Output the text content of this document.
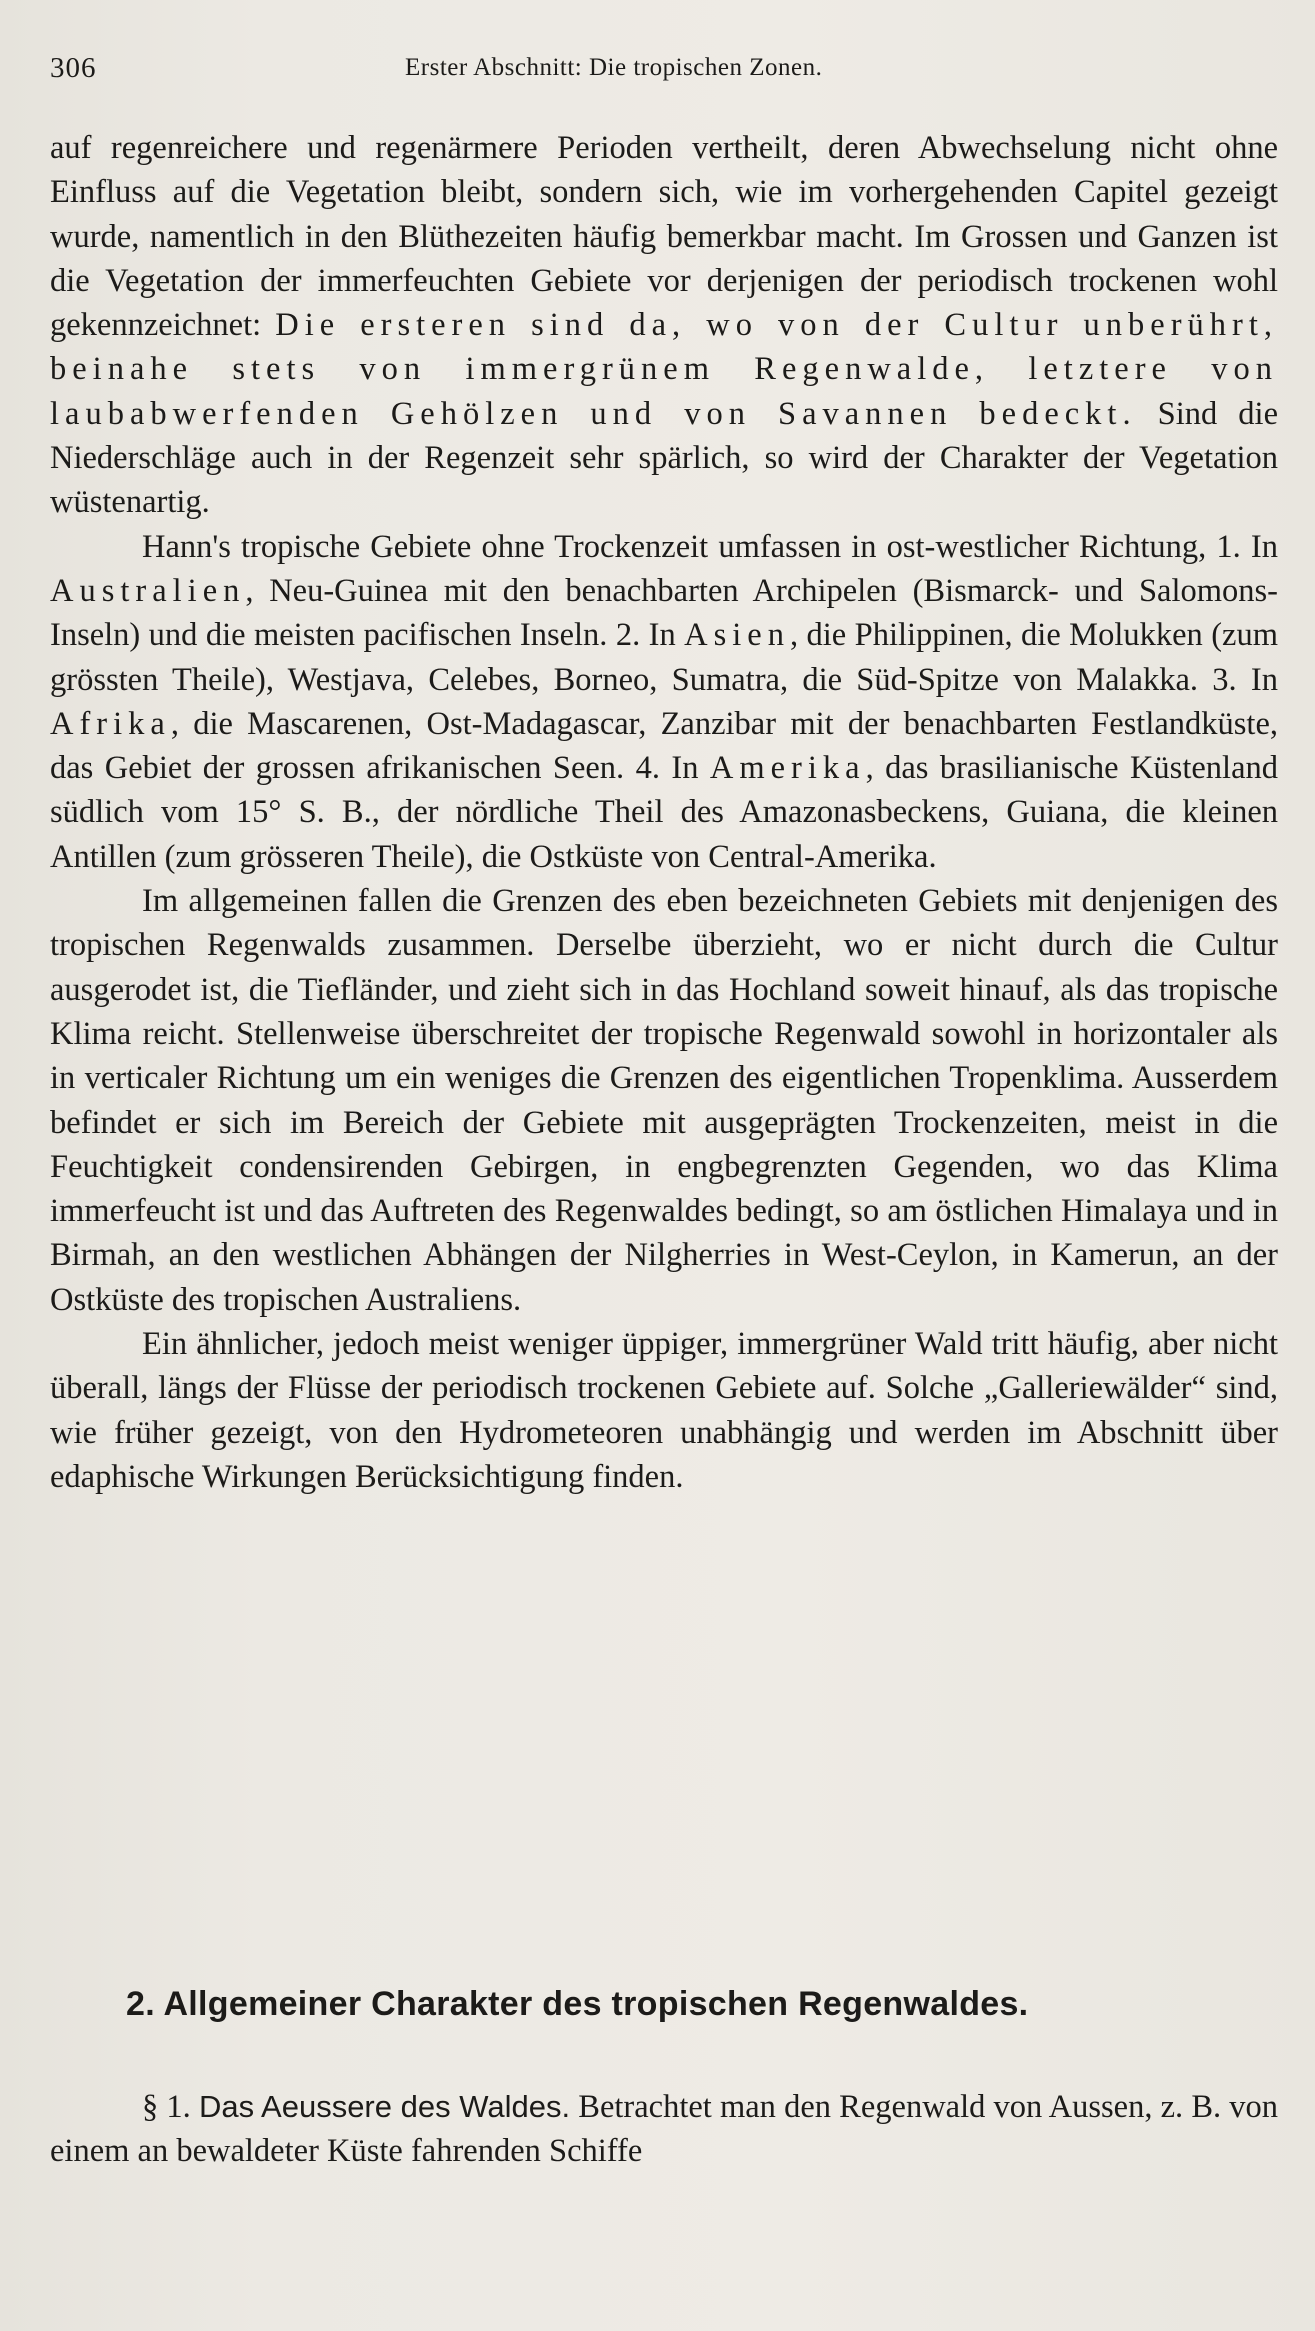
306	Erster Abschnitt: Die tropischen Zonen.

auf regenreichere und regenärmere Perioden vertheilt, deren Abwechselung nicht ohne Einfluss auf die Vegetation bleibt, sondern sich, wie im vorhergehenden Capitel gezeigt wurde, namentlich in den Blüthezeiten häufig bemerkbar macht. Im Grossen und Ganzen ist die Vegetation der immerfeuchten Gebiete vor derjenigen der periodisch trockenen wohl gekennzeichnet: Die ersteren sind da, wo von der Cultur unberührt, beinahe stets von immergrünem Regenwalde, letztere von laubabwerfenden Gehölzen und von Savannen bedeckt. Sind die Niederschläge auch in der Regenzeit sehr spärlich, so wird der Charakter der Vegetation wüstenartig.

Hann's tropische Gebiete ohne Trockenzeit umfassen in ost-westlicher Richtung, 1. In Australien, Neu-Guinea mit den benachbarten Archipelen (Bismarck- und Salomons-Inseln) und die meisten pacifischen Inseln. 2. In Asien, die Philippinen, die Molukken (zum grössten Theile), Westjava, Celebes, Borneo, Sumatra, die Süd-Spitze von Malakka. 3. In Afrika, die Mascarenen, Ost-Madagascar, Zanzibar mit der benachbarten Festlandküste, das Gebiet der grossen afrikanischen Seen. 4. In Amerika, das brasilianische Küstenland südlich vom 15° S. B., der nördliche Theil des Amazonasbeckens, Guiana, die kleinen Antillen (zum grösseren Theile), die Ostküste von Central-Amerika.

Im allgemeinen fallen die Grenzen des eben bezeichneten Gebiets mit denjenigen des tropischen Regenwalds zusammen. Derselbe überzieht, wo er nicht durch die Cultur ausgerodet ist, die Tiefländer, und zieht sich in das Hochland soweit hinauf, als das tropische Klima reicht. Stellenweise überschreitet der tropische Regenwald sowohl in horizontaler als in verticaler Richtung um ein weniges die Grenzen des eigentlichen Tropenklima. Ausserdem befindet er sich im Bereich der Gebiete mit ausgeprägten Trockenzeiten, meist in die Feuchtigkeit condensirenden Gebirgen, in engbegrenzten Gegenden, wo das Klima immerfeucht ist und das Auftreten des Regenwaldes bedingt, so am östlichen Himalaya und in Birmah, an den westlichen Abhängen der Nilgherries in West-Ceylon, in Kamerun, an der Ostküste des tropischen Australiens.

Ein ähnlicher, jedoch meist weniger üppiger, immergrüner Wald tritt häufig, aber nicht überall, längs der Flüsse der periodisch trockenen Gebiete auf. Solche „Galleriewälder“ sind, wie früher gezeigt, von den Hydrometeoren unabhängig und werden im Abschnitt über edaphische Wirkungen Berücksichtigung finden.

2. Allgemeiner Charakter des tropischen Regenwaldes.

§ 1. Das Aeussere des Waldes. Betrachtet man den Regenwald von Aussen, z. B. von einem an bewaldeter Küste fahrenden Schiffe
